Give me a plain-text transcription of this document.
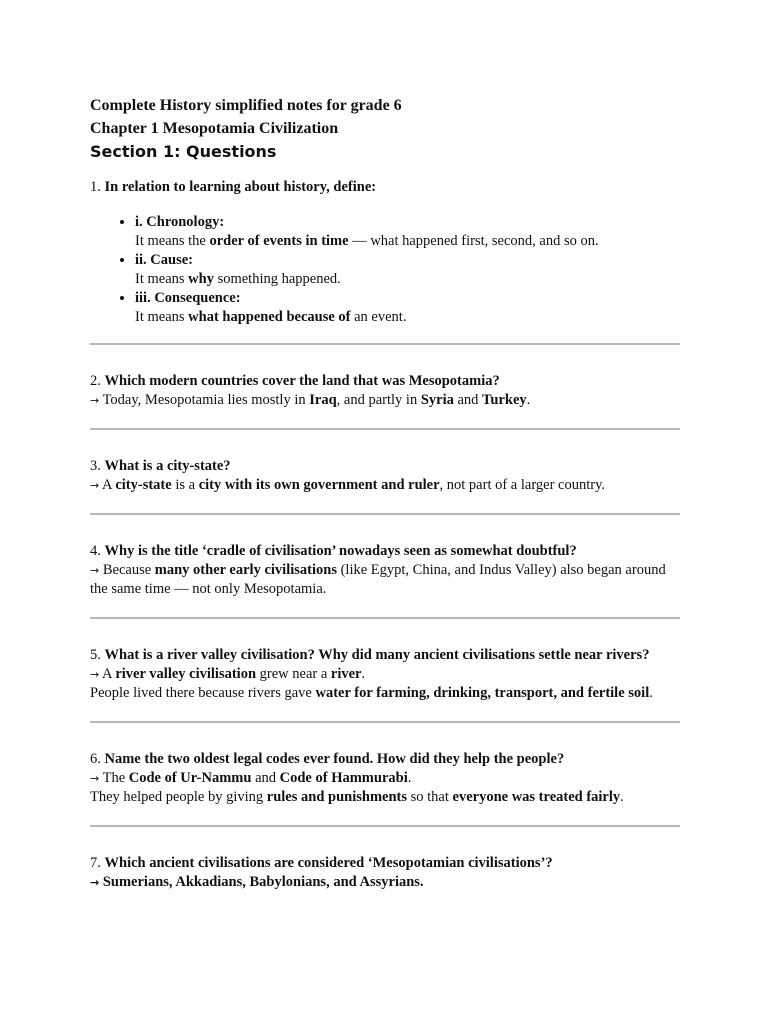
Complete History simplified notes for grade 6

Chapter 1 Mesopotamia Civilization

Section 1: Questions

1. In relation to learning about history, define:

• i. Chronology:
It means the order of events in time — what happened first, second, and so on.
• ii. Cause:
It means why something happened.
• iii. Consequence:
It means what happened because of an event.

2. Which modern countries cover the land that was Mesopotamia?

→ Today, Mesopotamia lies mostly in Iraq, and partly in Syria and Turkey.

3. What is a city-state?

→ A city-state is a city with its own government and ruler, not part of a larger country.

4. Why is the title ‘cradle of civilisation’ nowadays seen as somewhat doubtful?

→ Because many other early civilisations (like Egypt, China, and Indus Valley) also began around the same time — not only Mesopotamia.

5. What is a river valley civilisation? Why did many ancient civilisations settle near rivers?

→ A river valley civilisation grew near a river.

People lived there because rivers gave water for farming, drinking, transport, and fertile soil.

6. Name the two oldest legal codes ever found. How did they help the people?

→ The Code of Ur-Nammu and Code of Hammurabi.

They helped people by giving rules and punishments so that everyone was treated fairly.

7. Which ancient civilisations are considered ‘Mesopotamian civilisations’?

→ Sumerians, Akkadians, Babylonians, and Assyrians.
